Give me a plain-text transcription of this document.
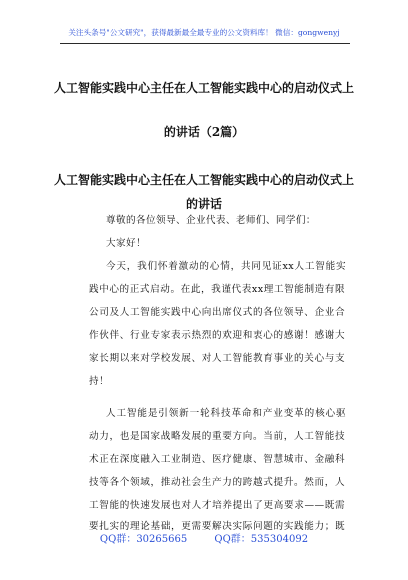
关注头条号"公文研究"，获得最新最全最专业的公文资料库！ 微信：gongwenyj
人工智能实践中心主任在人工智能实践中心的启动仪式上
的讲话（2篇）
人工智能实践中心主任在人工智能实践中心的启动仪式上
的讲话
尊敬的各位领导、企业代表、老师们、同学们：
大家好！
今天，我们怀着激动的心情，共同见证xx人工智能实
践中心的正式启动。在此，我谨代表xx理工智能制造有限
公司及人工智能实践中心向出席仪式的各位领导、企业合
作伙伴、行业专家表示热烈的欢迎和衷心的感谢！感谢大
家长期以来对学校发展、对人工智能教育事业的关心与支
持！
人工智能是引领新一轮科技革命和产业变革的核心驱
动力，也是国家战略发展的重要方向。当前，人工智能技
术正在深度融入工业制造、医疗健康、智慧城市、金融科
技等各个领域，推动社会生产力的跨越式提升。然而，人
工智能的快速发展也对人才培养提出了更高要求——既需
要扎实的理论基础，更需要解决实际问题的实践能力；既
QQ群：30265665	QQ群：535304092
